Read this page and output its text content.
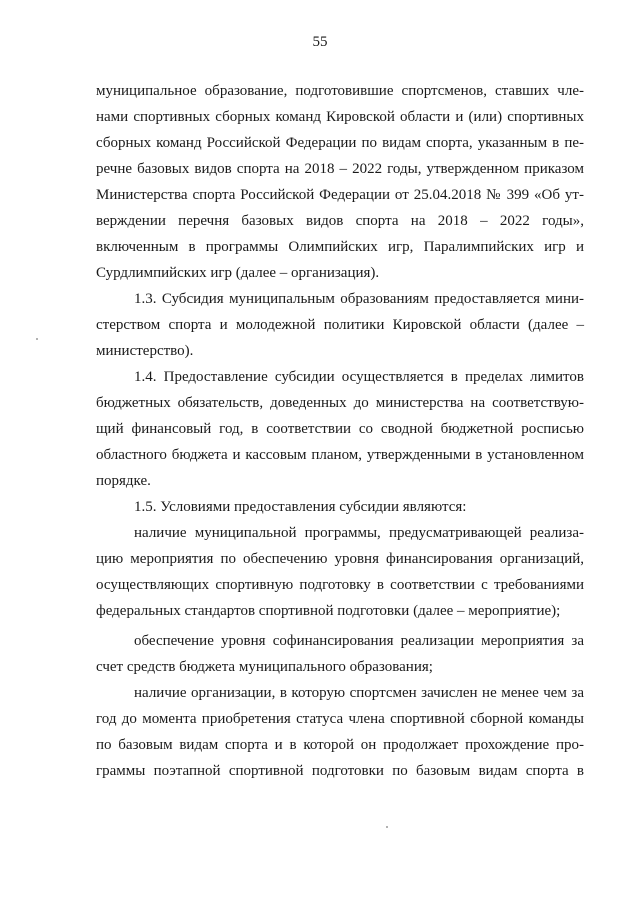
55
муниципальное образование, подготовившие спортсменов, ставших чле-
нами спортивных сборных команд Кировской области и (или) спортивных
сборных команд Российской Федерации по видам спорта, указанным в пе-
речне базовых видов спорта на 2018 – 2022 годы, утвержденном приказом
Министерства спорта Российской Федерации от 25.04.2018 № 399 «Об ут-
верждении перечня базовых видов спорта на 2018 – 2022 годы»,
включенным в программы Олимпийских игр, Паралимпийских игр и
Сурдлимпийских игр (далее – организация).
1.3. Субсидия муниципальным образованиям предоставляется мини-
стерством спорта и молодежной политики Кировской области (далее –
министерство).
1.4. Предоставление субсидии осуществляется в пределах лимитов
бюджетных обязательств, доведенных до министерства на соответствую-
щий финансовый год, в соответствии со сводной бюджетной росписью
областного бюджета и кассовым планом, утвержденными в установленном
порядке.
1.5. Условиями предоставления субсидии являются:
наличие муниципальной программы, предусматривающей реализа-
цию мероприятия по обеспечению уровня финансирования организаций,
осуществляющих спортивную подготовку в соответствии с требованиями
федеральных стандартов спортивной подготовки (далее – мероприятие);
обеспечение уровня софинансирования реализации мероприятия за
счет средств бюджета муниципального образования;
наличие организации, в которую спортсмен зачислен не менее чем за
год до момента приобретения статуса члена спортивной сборной команды
по базовым видам спорта и в которой он продолжает прохождение про-
граммы поэтапной спортивной подготовки по базовым видам спорта в
